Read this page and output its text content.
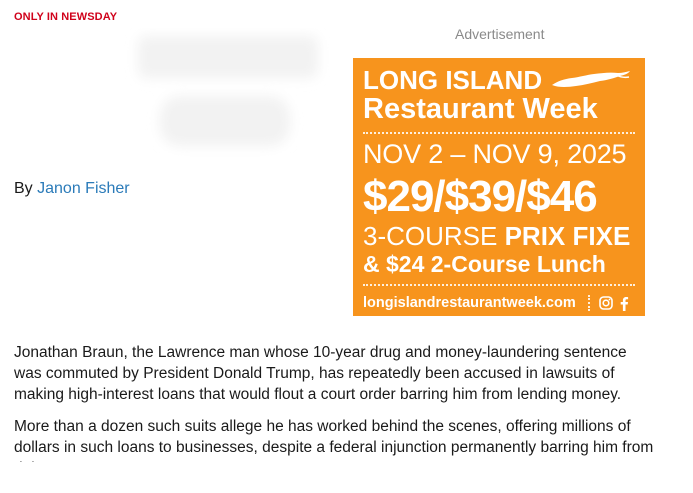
ONLY IN NEWSDAY
By Janon Fisher
Advertisement
LONG ISLAND
Restaurant Week
NOV 2 – NOV 9, 2025
$29/$39/$46
3-COURSE PRIX FIXE
& $24 2-Course Lunch
longislandrestaurantweek.com

Jonathan Braun, the Lawrence man whose 10-year drug and money-laundering sentence was commuted by President Donald Trump, has repeatedly been accused in lawsuits of making high-interest loans that would flout a court order barring him from lending money.

More than a dozen such suits allege he has worked behind the scenes, offering millions of dollars in such loans to businesses, despite a federal injunction permanently barring him from
